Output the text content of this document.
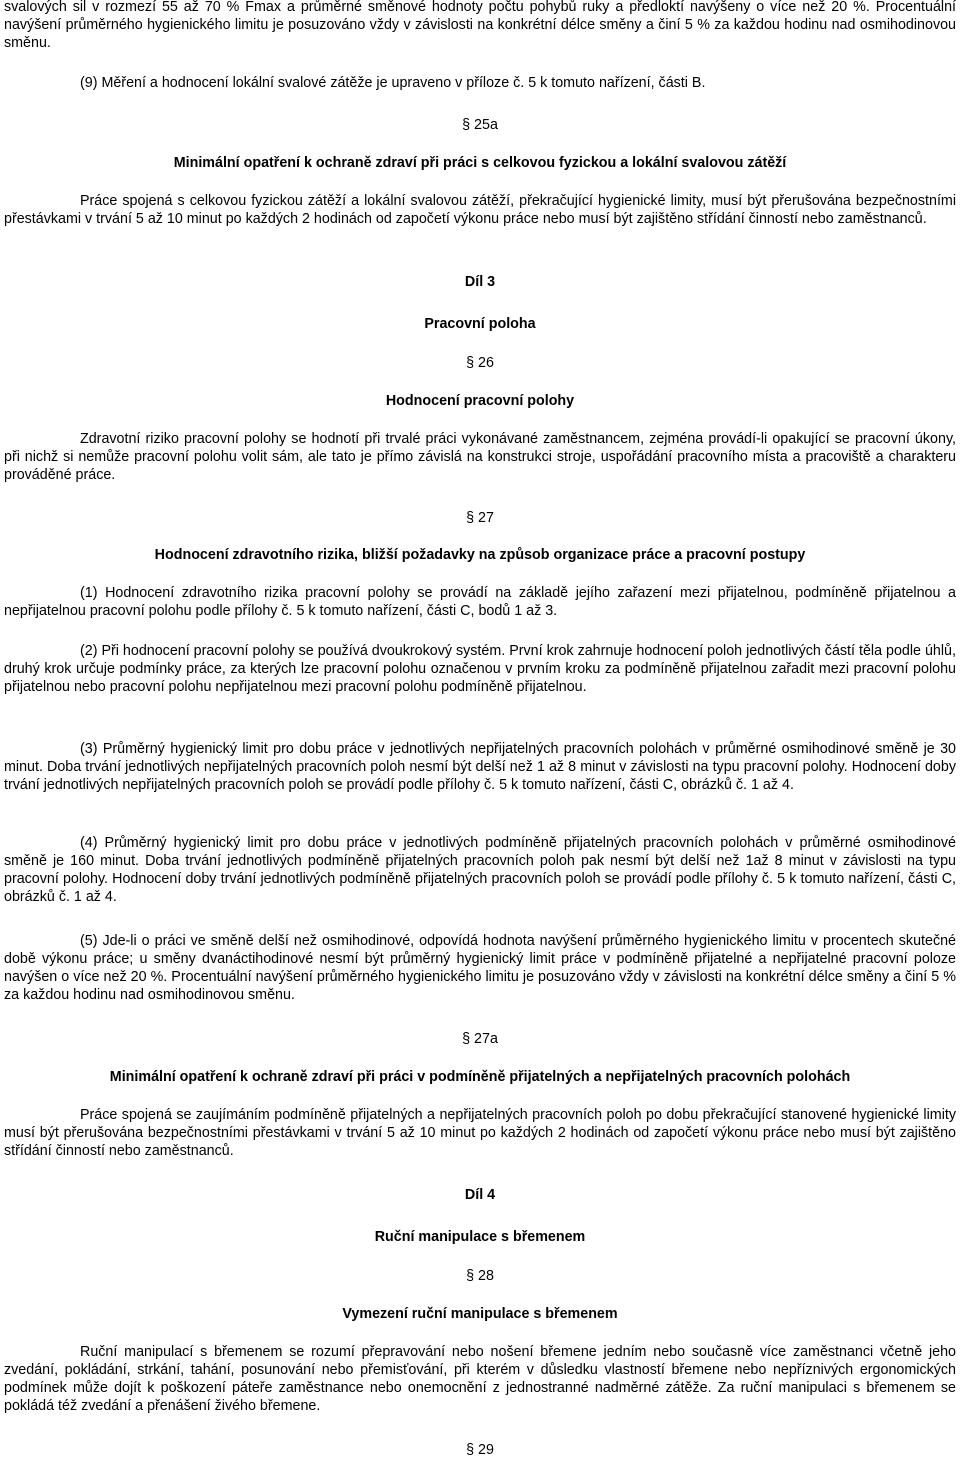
svalových sil v rozmezí 55 až 70 % Fmax a průměrné směnové hodnoty počtu pohybů ruky a předloktí navýšeny o více než 20 %. Procentuální navýšení průměrného hygienického limitu je posuzováno vždy v závislosti na konkrétní délce směny a činí 5 % za každou hodinu nad osmihodinovou směnu.

(9) Měření a hodnocení lokální svalové zátěže je upraveno v příloze č. 5 k tomuto nařízení, části B.

§25a

Minimální opatření k ochraně zdraví při práci s celkovou fyzickou a lokální svalovou zátěží

Práce spojená s celkovou fyzickou zátěží a lokální svalovou zátěží, překračující hygienické limity, musí být přerušována bezpečnostními přestávkami v trvání 5 až 10 minut po každých 2 hodinách od započetí výkonu práce nebo musí být zajištěno střídání činností nebo zaměstnanců.

Díl 3

Pracovní poloha

§26

Hodnocení pracovní polohy

Zdravotní riziko pracovní polohy se hodnotí při trvalé práci vykonávané zaměstnancem, zejména provádí-li opakující se pracovní úkony, při nichž si nemůže pracovní polohu volit sám, ale tato je přímo závislá na konstrukci stroje, uspořádání pracovního místa a pracoviště a charakteru prováděné práce.

§27

Hodnocení zdravotního rizika, bližší požadavky na způsob organizace práce a pracovní postupy

(1) Hodnocení zdravotního rizika pracovní polohy se provádí na základě jejího zařazení mezi přijatelnou, podmíněně přijatelnou a nepřijatelnou pracovní polohu podle přílohy č. 5 k tomuto nařízení, části C, bodů 1 až 3.

(2) Při hodnocení pracovní polohy se používá dvoukrokový systém. První krok zahrnuje hodnocení poloh jednotlivých částí těla podle úhlů, druhý krok určuje podmínky práce, za kterých lze pracovní polohu označenou v prvním kroku za podmíněně přijatelnou zařadit mezi pracovní polohu přijatelnou nebo pracovní polohu nepřijatelnou mezi pracovní polohu podmíněně přijatelnou.

(3) Průměrný hygienický limit pro dobu práce v jednotlivých nepřijatelných pracovních polohách v průměrné osmihodinové směně je 30 minut. Doba trvání jednotlivých nepřijatelných pracovních poloh nesmí být delší než 1 až 8 minut v závislosti na typu pracovní polohy. Hodnocení doby trvání jednotlivých nepřijatelných pracovních poloh se provádí podle přílohy č. 5 k tomuto nařízení, části C, obrázků č. 1 až 4.

(4) Průměrný hygienický limit pro dobu práce v jednotlivých podmíněně přijatelných pracovních polohách v průměrné osmihodinové směně je 160 minut. Doba trvání jednotlivých podmíněně přijatelných pracovních poloh pak nesmí být delší než 1až 8 minut v závislosti na typu pracovní polohy. Hodnocení doby trvání jednotlivých podmíněně přijatelných pracovních poloh se provádí podle přílohy č. 5 k tomuto nařízení, části C, obrázků č. 1 až 4.

(5) Jde-li o práci ve směně delší než osmihodinové, odpovídá hodnota navýšení průměrného hygienického limitu v procentech skutečné době výkonu práce; u směny dvanáctihodinové nesmí být průměrný hygienický limit práce v podmíněně přijatelné a nepřijatelné pracovní poloze navýšen o více než 20 %. Procentuální navýšení průměrného hygienického limitu je posuzováno vždy v závislosti na konkrétní délce směny a činí 5 % za každou hodinu nad osmihodinovou směnu.

§27a

Minimální opatření k ochraně zdraví při práci v podmíněně přijatelných a nepřijatelných pracovních polohách

Práce spojená se zaujímáním podmíněně přijatelných a nepřijatelných pracovních poloh po dobu překračující stanovené hygienické limity musí být přerušována bezpečnostními přestávkami v trvání 5 až 10 minut po každých 2 hodinách od započetí výkonu práce nebo musí být zajištěno střídání činností nebo zaměstnanců.

Díl 4

Ruční manipulace s břemenem

§28

Vymezení ruční manipulace s břemenem

Ruční manipulací s břemenem se rozumí přepravování nebo nošení břemene jedním nebo současně více zaměstnanci včetně jeho zvedání, pokládání, strkání, tahání, posunování nebo přemisťování, při kterém v důsledku vlastností břemene nebo nepříznivých ergonomických podmínek může dojít k poškození páteře zaměstnance nebo onemocnění z jednostranné nadměrné zátěže. Za ruční manipulaci s břemenem se pokládá též zvedání a přenášení živého břemene.

§29
